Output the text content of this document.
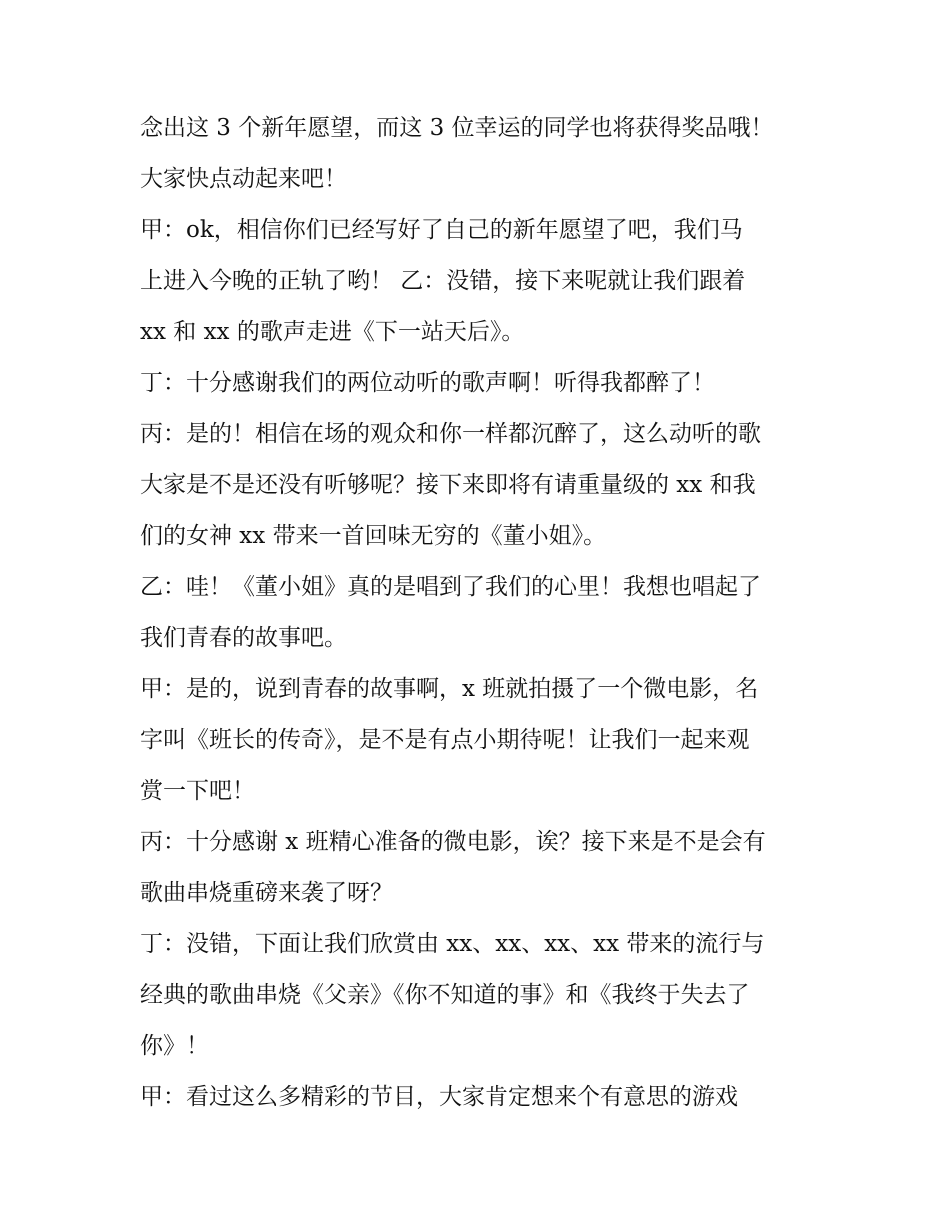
念出这 3 个新年愿望，而这 3 位幸运的同学也将获得奖品哦！
大家快点动起来吧！
甲：ok，相信你们已经写好了自己的新年愿望了吧，我们马
上进入今晚的正轨了哟！ 乙：没错，接下来呢就让我们跟着
xx 和 xx 的歌声走进《下一站天后》。
丁：十分感谢我们的两位动听的歌声啊！听得我都醉了！
丙：是的！相信在场的观众和你一样都沉醉了，这么动听的歌
大家是不是还没有听够呢？接下来即将有请重量级的 xx 和我
们的女神 xx 带来一首回味无穷的《董小姐》。
乙：哇！《董小姐》真的是唱到了我们的心里！我想也唱起了
我们青春的故事吧。
甲：是的，说到青春的故事啊，x 班就拍摄了一个微电影，名
字叫《班长的传奇》，是不是有点小期待呢！让我们一起来观
赏一下吧！
丙：十分感谢 x 班精心准备的微电影，诶？接下来是不是会有
歌曲串烧重磅来袭了呀？
丁：没错，下面让我们欣赏由 xx、xx、xx、xx 带来的流行与
经典的歌曲串烧《父亲》《你不知道的事》和《我终于失去了
你》！
甲：看过这么多精彩的节目，大家肯定想来个有意思的游戏
